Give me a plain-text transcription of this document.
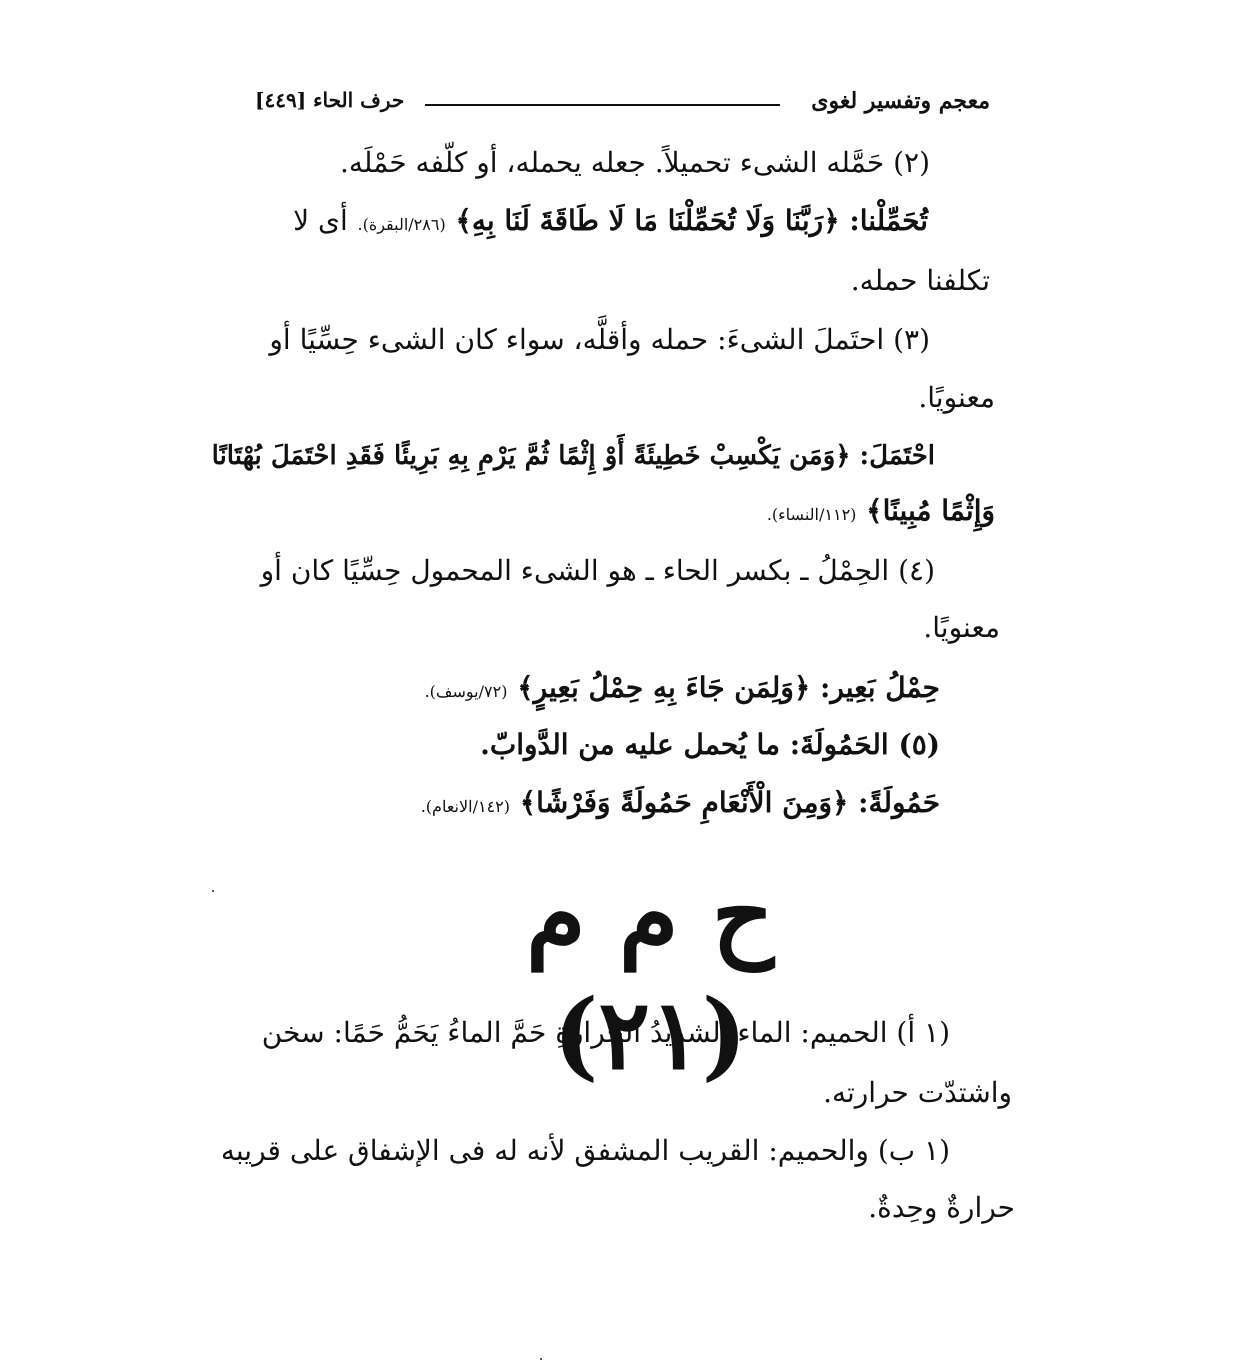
حرف الحاء [٤٤٩]	معجم وتفسير لغوى
(٢) حَمَّله الشىء تحميلاً. جعله يحمله، أو كلّفه حَمْلَه.
تُحَمِّلْنا: ﴿رَبَّنَا وَلَا تُحَمِّلْنَا مَا لَا طَاقَةَ لَنَا بِهِ﴾ (٢٨٦/البقرة). أى لا
تكلفنا حمله.
(٣) احتَملَ الشىءَ: حمله وأقلَّه، سواء كان الشىء حِسِّيًا أو
معنويًا.
احْتَمَلَ: ﴿وَمَن يَكْسِبْ خَطِيئَةً أَوْ إِثْمًا ثُمَّ يَرْمِ بِهِ بَرِيئًا فَقَدِ احْتَمَلَ بُهْتَانًا
وَإِثْمًا مُبِينًا﴾ (١١٢/النساء).
(٤) الحِمْلُ ـ بكسر الحاء ـ هو الشىء المحمول حِسِّيًا كان أو
معنويًا.
حِمْلُ بَعِير: ﴿وَلِمَن جَاءَ بِهِ حِمْلُ بَعِيرٍ﴾ (٧٢/يوسف).
(٥) الحَمُولَةَ: ما يُحمل عليه من الدَّوابّ.
حَمُولَةً: ﴿وَمِنَ الْأَنْعَامِ حَمُولَةً وَفَرْشًا﴾ (١٤٢/الانعام).
ح م م (٢١)
(١ أ) الحميم: الماء الشديدُ الحرارةِ حَمَّ الماءُ يَحَمُّ حَمًا: سخن
واشتدّت حرارته.
(١ ب) والحميم: القريب المشفق لأنه له فى الإشفاق على قريبه
حرارةٌ وحِدةٌ.
